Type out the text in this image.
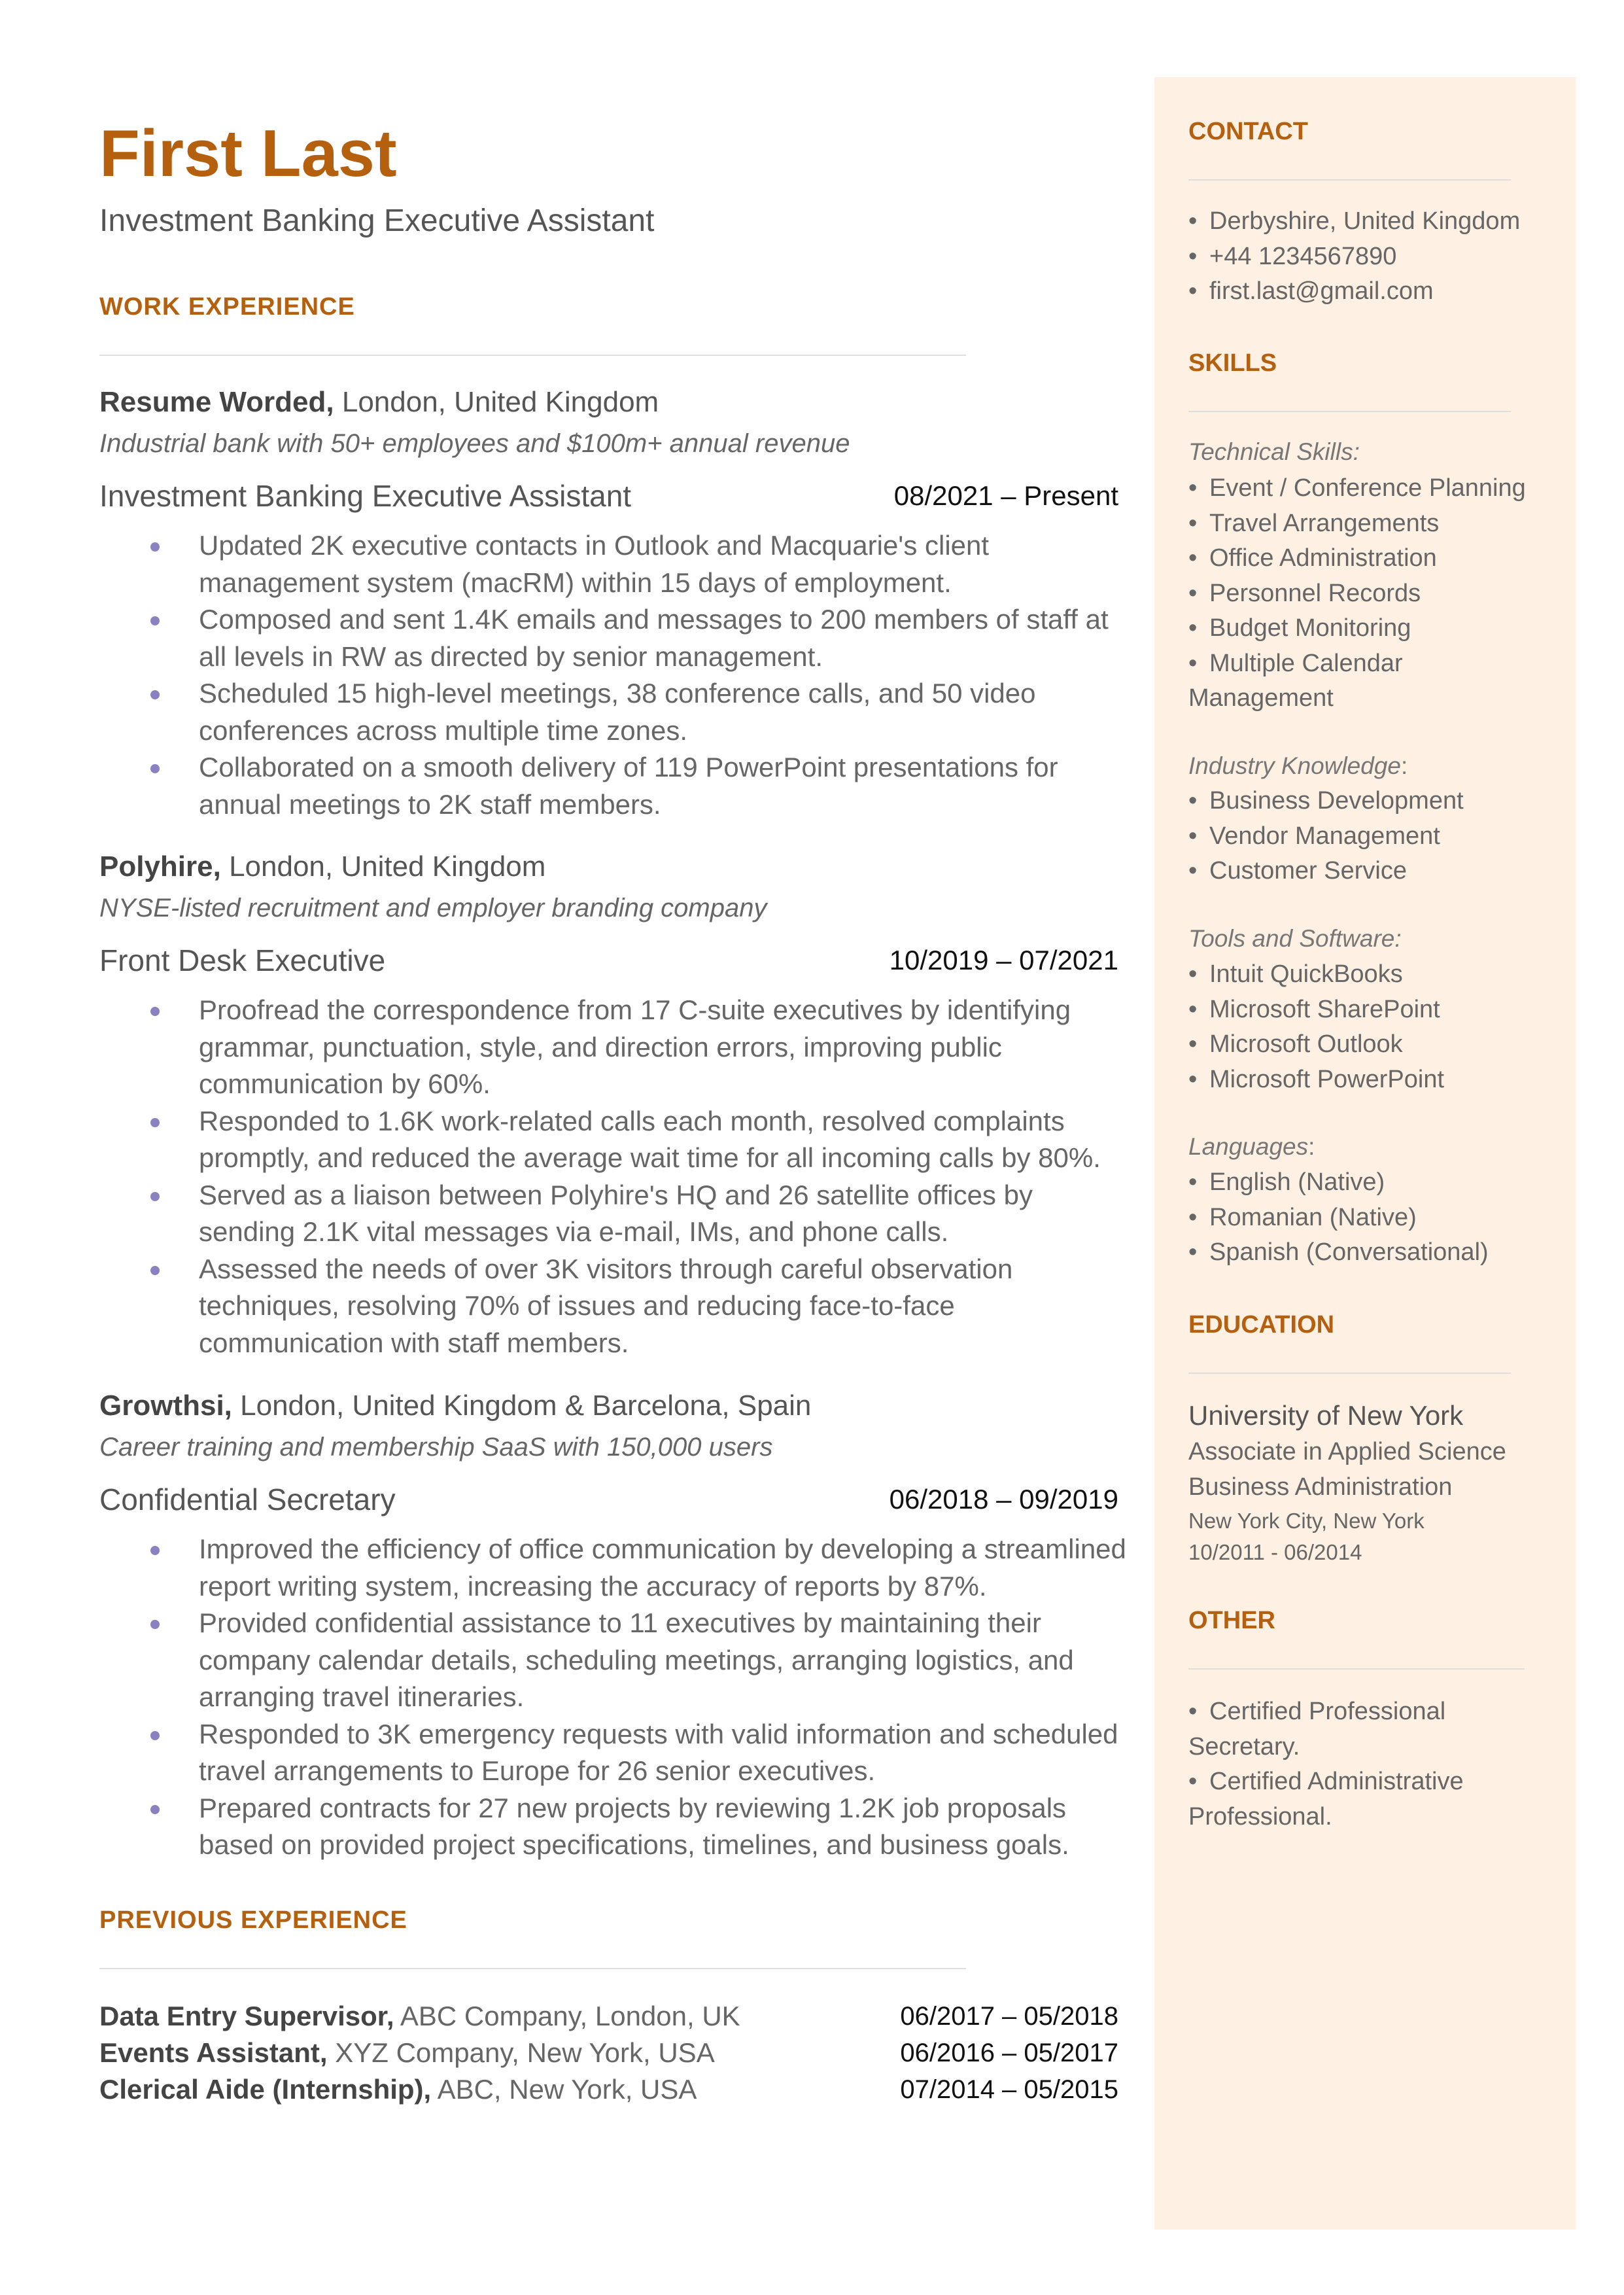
First Last
Investment Banking Executive Assistant
WORK EXPERIENCE
Resume Worded, London, United Kingdom
Industrial bank with 50+ employees and $100m+ annual revenue
Investment Banking Executive Assistant	08/2021 – Present
Updated 2K executive contacts in Outlook and Macquarie's client management system (macRM) within 15 days of employment.
Composed and sent 1.4K emails and messages to 200 members of staff at all levels in RW as directed by senior management.
Scheduled 15 high-level meetings, 38 conference calls, and 50 video conferences across multiple time zones.
Collaborated on a smooth delivery of 119 PowerPoint presentations for annual meetings to 2K staff members.
Polyhire, London, United Kingdom
NYSE-listed recruitment and employer branding company
Front Desk Executive	10/2019 – 07/2021
Proofread the correspondence from 17 C-suite executives by identifying grammar, punctuation, style, and direction errors, improving public communication by 60%.
Responded to 1.6K work-related calls each month, resolved complaints promptly, and reduced the average wait time for all incoming calls by 80%.
Served as a liaison between Polyhire's HQ and 26 satellite offices by sending 2.1K vital messages via e-mail, IMs, and phone calls.
Assessed the needs of over 3K visitors through careful observation techniques, resolving 70% of issues and reducing face-to-face communication with staff members.
Growthsi, London, United Kingdom & Barcelona, Spain
Career training and membership SaaS with 150,000 users
Confidential Secretary	06/2018 – 09/2019
Improved the efficiency of office communication by developing a streamlined report writing system, increasing the accuracy of reports by 87%.
Provided confidential assistance to 11 executives by maintaining their company calendar details, scheduling meetings, arranging logistics, and arranging travel itineraries.
Responded to 3K emergency requests with valid information and scheduled travel arrangements to Europe for 26 senior executives.
Prepared contracts for 27 new projects by reviewing 1.2K job proposals based on provided project specifications, timelines, and business goals.
PREVIOUS EXPERIENCE
Data Entry Supervisor, ABC Company, London, UK	06/2017 – 05/2018
Events Assistant, XYZ Company, New York, USA	06/2016 – 05/2017
Clerical Aide (Internship), ABC, New York, USA	07/2014 – 05/2015
CONTACT
• Derbyshire, United Kingdom
• +44 1234567890
• first.last@gmail.com
SKILLS
Technical Skills:
• Event / Conference Planning
• Travel Arrangements
• Office Administration
• Personnel Records
• Budget Monitoring
• Multiple Calendar Management
Industry Knowledge:
• Business Development
• Vendor Management
• Customer Service
Tools and Software:
• Intuit QuickBooks
• Microsoft SharePoint
• Microsoft Outlook
• Microsoft PowerPoint
Languages:
• English (Native)
• Romanian (Native)
• Spanish (Conversational)
EDUCATION
University of New York
Associate in Applied Science
Business Administration
New York City, New York
10/2011 - 06/2014
OTHER
• Certified Professional Secretary.
• Certified Administrative Professional.
